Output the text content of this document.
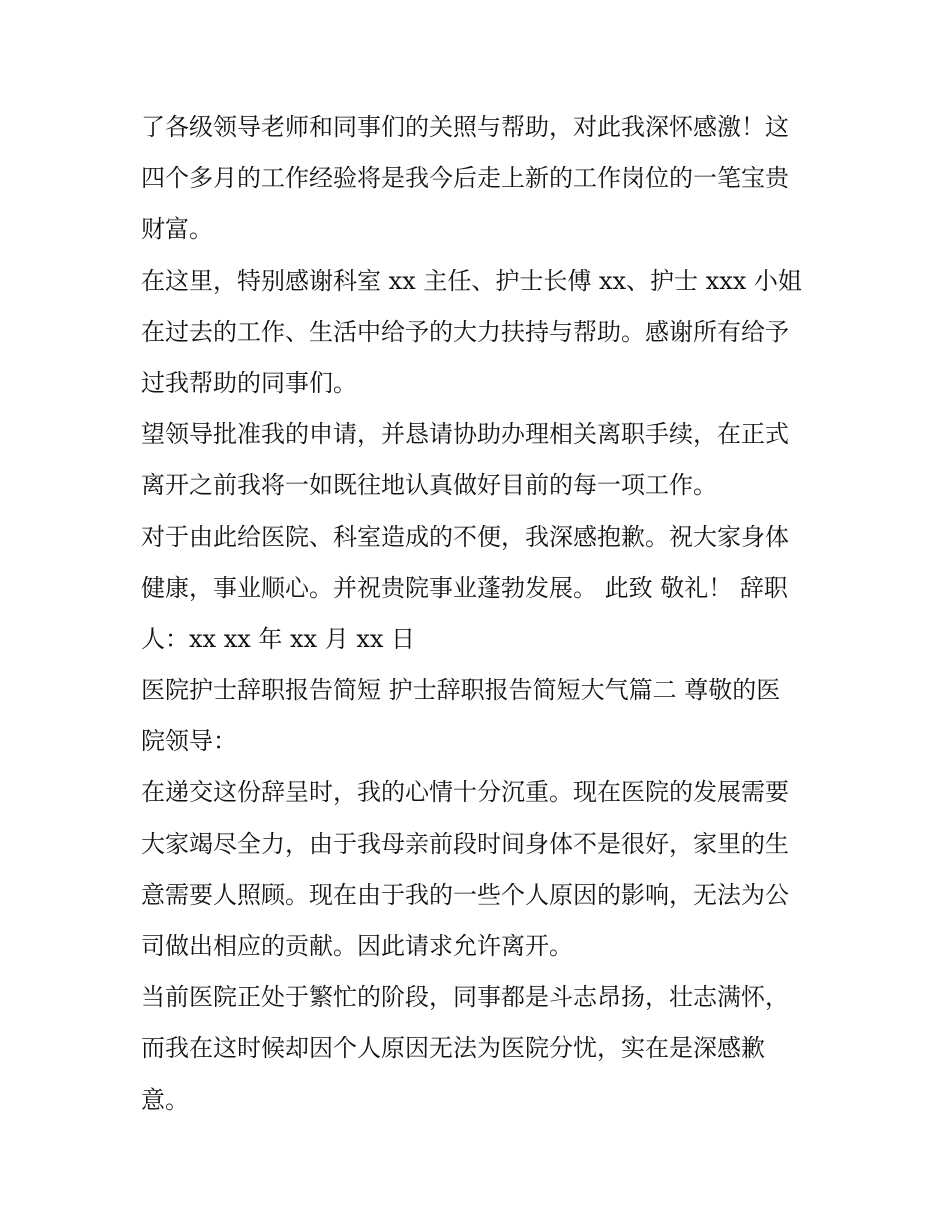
了各级领导老师和同事们的关照与帮助，对此我深怀感激！这
四个多月的工作经验将是我今后走上新的工作岗位的一笔宝贵
财富。
在这里，特别感谢科室 xx 主任、护士长傅 xx、护士 xxx 小姐
在过去的工作、生活中给予的大力扶持与帮助。感谢所有给予
过我帮助的同事们。
望领导批准我的申请，并恳请协助办理相关离职手续，在正式
离开之前我将一如既往地认真做好目前的每一项工作。
对于由此给医院、科室造成的不便，我深感抱歉。祝大家身体
健康，事业顺心。并祝贵院事业蓬勃发展。 此致 敬礼！ 辞职
人：xx xx 年 xx 月 xx 日
医院护士辞职报告简短 护士辞职报告简短大气篇二 尊敬的医
院领导：
在递交这份辞呈时，我的心情十分沉重。现在医院的发展需要
大家竭尽全力，由于我母亲前段时间身体不是很好，家里的生
意需要人照顾。现在由于我的一些个人原因的影响，无法为公
司做出相应的贡献。因此请求允许离开。
当前医院正处于繁忙的阶段，同事都是斗志昂扬，壮志满怀，
而我在这时候却因个人原因无法为医院分忧，实在是深感歉
意。
